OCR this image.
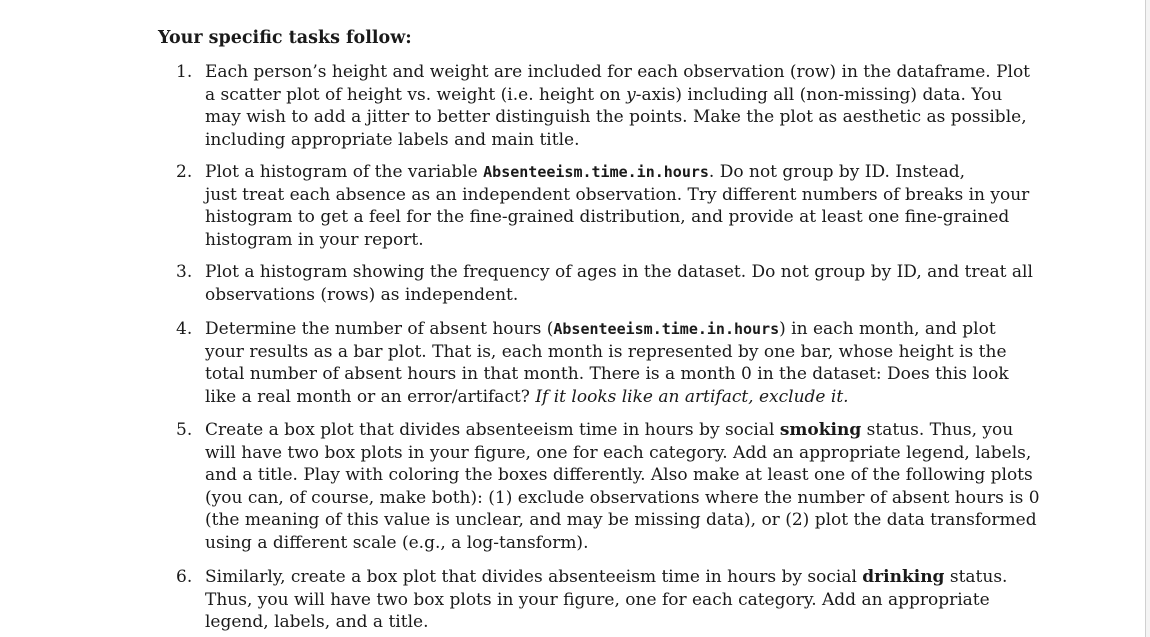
Your specific tasks follow:
1. Each person’s height and weight are included for each observation (row) in the dataframe. Plot
a scatter plot of height vs. weight (i.e. height on y-axis) including all (non-missing) data. You
may wish to add a jitter to better distinguish the points. Make the plot as aesthetic as possible,
including appropriate labels and main title.
2. Plot a histogram of the variable Absenteeism.time.in.hours. Do not group by ID. Instead,
just treat each absence as an independent observation. Try different numbers of breaks in your
histogram to get a feel for the fine-grained distribution, and provide at least one fine-grained
histogram in your report.
3. Plot a histogram showing the frequency of ages in the dataset. Do not group by ID, and treat all
observations (rows) as independent.
4. Determine the number of absent hours (Absenteeism.time.in.hours) in each month, and plot
your results as a bar plot. That is, each month is represented by one bar, whose height is the
total number of absent hours in that month. There is a month 0 in the dataset: Does this look
like a real month or an error/artifact? If it looks like an artifact, exclude it.
5. Create a box plot that divides absenteeism time in hours by social smoking status. Thus, you
will have two box plots in your figure, one for each category. Add an appropriate legend, labels,
and a title. Play with coloring the boxes differently. Also make at least one of the following plots
(you can, of course, make both): (1) exclude observations where the number of absent hours is 0
(the meaning of this value is unclear, and may be missing data), or (2) plot the data transformed
using a different scale (e.g., a log-tansform).
6. Similarly, create a box plot that divides absenteeism time in hours by social drinking status.
Thus, you will have two box plots in your figure, one for each category. Add an appropriate
legend, labels, and a title.
